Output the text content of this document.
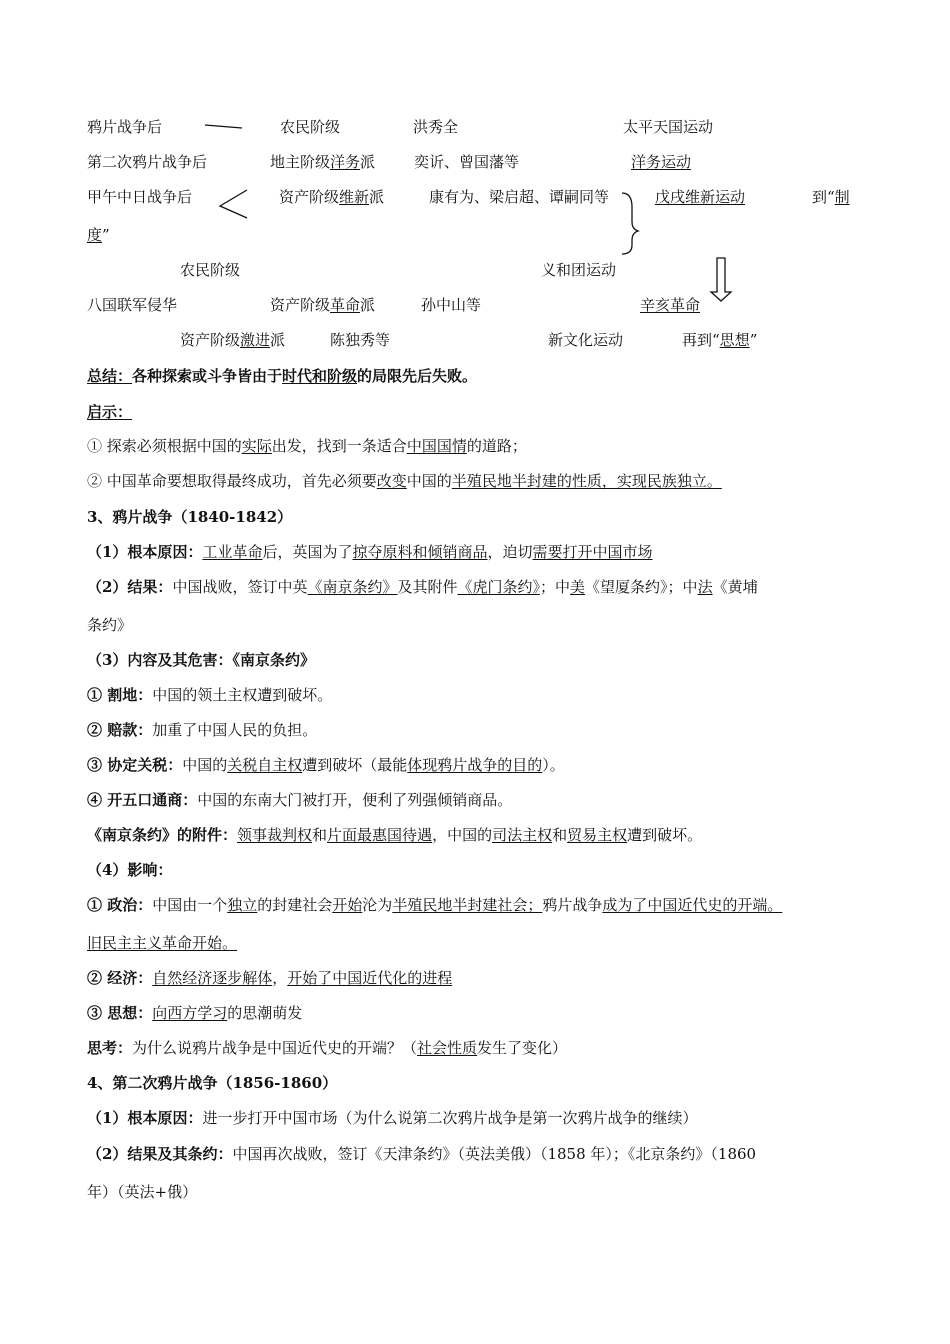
鸦片战争后	农民阶级	洪秀全	太平天国运动
第二次鸦片战争后	地主阶级洋务派	奕䜣、曾国藩等	洋务运动
甲午中日战争后	资产阶级维新派	康有为、梁启超、谭嗣同等	戊戌维新运动	到“制
度”
农民阶级	义和团运动
八国联军侵华	资产阶级革命派	孙中山等	辛亥革命
资产阶级激进派	陈独秀等	新文化运动	再到“思想”
总结：各种探索或斗争皆由于时代和阶级的局限先后失败。
启示：
① 探索必须根据中国的实际出发，找到一条适合中国国情的道路；
② 中国革命要想取得最终成功，首先必须要改变中国的半殖民地半封建的性质，实现民族独立。
3、鸦片战争（1840-1842）
（1）根本原因：工业革命后，英国为了掠夺原料和倾销商品，迫切需要打开中国市场
（2）结果：中国战败，签订中英《南京条约》及其附件《虎门条约》；中美《望厦条约》；中法《黄埔
条约》
（3）内容及其危害：《南京条约》
① 割地：中国的领土主权遭到破坏。
② 赔款：加重了中国人民的负担。
③ 协定关税：中国的关税自主权遭到破坏（最能体现鸦片战争的目的）。
④ 开五口通商：中国的东南大门被打开，便利了列强倾销商品。
《南京条约》的附件：领事裁判权和片面最惠国待遇，中国的司法主权和贸易主权遭到破坏。
（4）影响：
① 政治：中国由一个独立的封建社会开始沦为半殖民地半封建社会；鸦片战争成为了中国近代史的开端。
旧民主主义革命开始。
② 经济：自然经济逐步解体，开始了中国近代化的进程
③ 思想：向西方学习的思潮萌发
思考：为什么说鸦片战争是中国近代史的开端？（社会性质发生了变化）
4、第二次鸦片战争（1856-1860）
（1）根本原因：进一步打开中国市场（为什么说第二次鸦片战争是第一次鸦片战争的继续）
（2）结果及其条约：中国再次战败，签订《天津条约》（英法美俄）（1858 年）；《北京条约》（1860
年）（英法+俄）
